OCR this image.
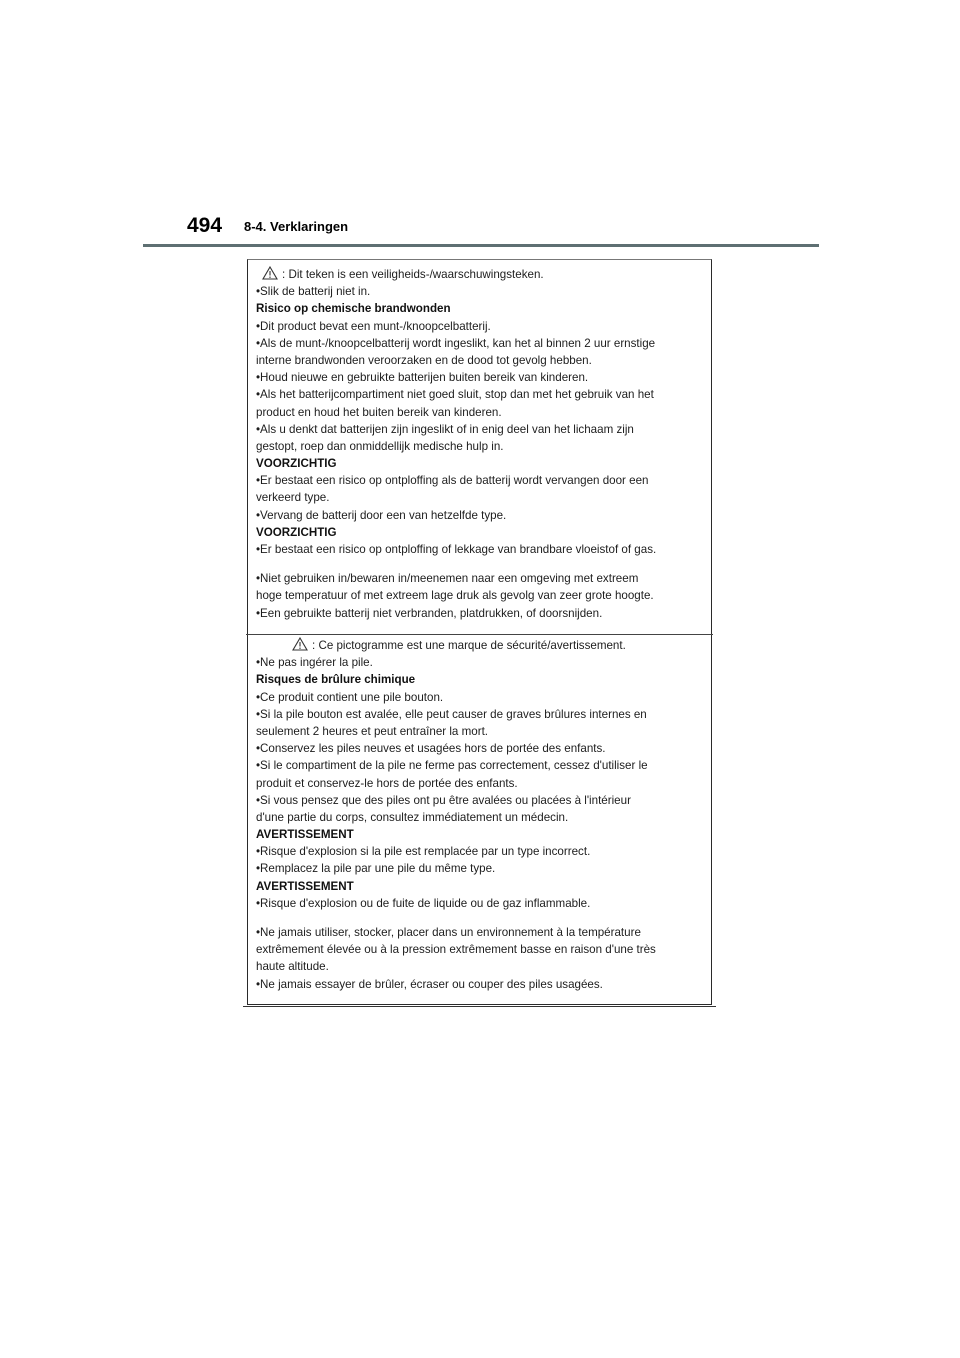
494 8-4. Verklaringen
: Dit teken is een veiligheids-/waarschuwingsteken.
•Slik de batterij niet in.
Risico op chemische brandwonden
•Dit product bevat een munt-/knoopcelbatterij.
•Als de munt-/knoopcelbatterij wordt ingeslikt, kan het al binnen 2 uur ernstige
interne brandwonden veroorzaken en de dood tot gevolg hebben.
•Houd nieuwe en gebruikte batterijen buiten bereik van kinderen.
•Als het batterijcompartiment niet goed sluit, stop dan met het gebruik van het
product en houd het buiten bereik van kinderen.
•Als u denkt dat batterijen zijn ingeslikt of in enig deel van het lichaam zijn
gestopt, roep dan onmiddellijk medische hulp in.
VOORZICHTIG
•Er bestaat een risico op ontploffing als de batterij wordt vervangen door een
verkeerd type.
•Vervang de batterij door een van hetzelfde type.
VOORZICHTIG
•Er bestaat een risico op ontploffing of lekkage van brandbare vloeistof of gas.
•Niet gebruiken in/bewaren in/meenemen naar een omgeving met extreem
hoge temperatuur of met extreem lage druk als gevolg van zeer grote hoogte.
•Een gebruikte batterij niet verbranden, platdrukken, of doorsnijden.
: Ce pictogramme est une marque de sécurité/avertissement.
•Ne pas ingérer la pile.
Risques de brûlure chimique
•Ce produit contient une pile bouton.
•Si la pile bouton est avalée, elle peut causer de graves brûlures internes en
seulement 2 heures et peut entraîner la mort.
•Conservez les piles neuves et usagées hors de portée des enfants.
•Si le compartiment de la pile ne ferme pas correctement, cessez d'utiliser le
produit et conservez-le hors de portée des enfants.
•Si vous pensez que des piles ont pu être avalées ou placées à l'intérieur
d'une partie du corps, consultez immédiatement un médecin.
AVERTISSEMENT
•Risque d'explosion si la pile est remplacée par un type incorrect.
•Remplacez la pile par une pile du même type.
AVERTISSEMENT
•Risque d'explosion ou de fuite de liquide ou de gaz inflammable.
•Ne jamais utiliser, stocker, placer dans un environnement à la température
extrêmement élevée ou à la pression extrêmement basse en raison d'une très
haute altitude.
•Ne jamais essayer de brûler, écraser ou couper des piles usagées.
